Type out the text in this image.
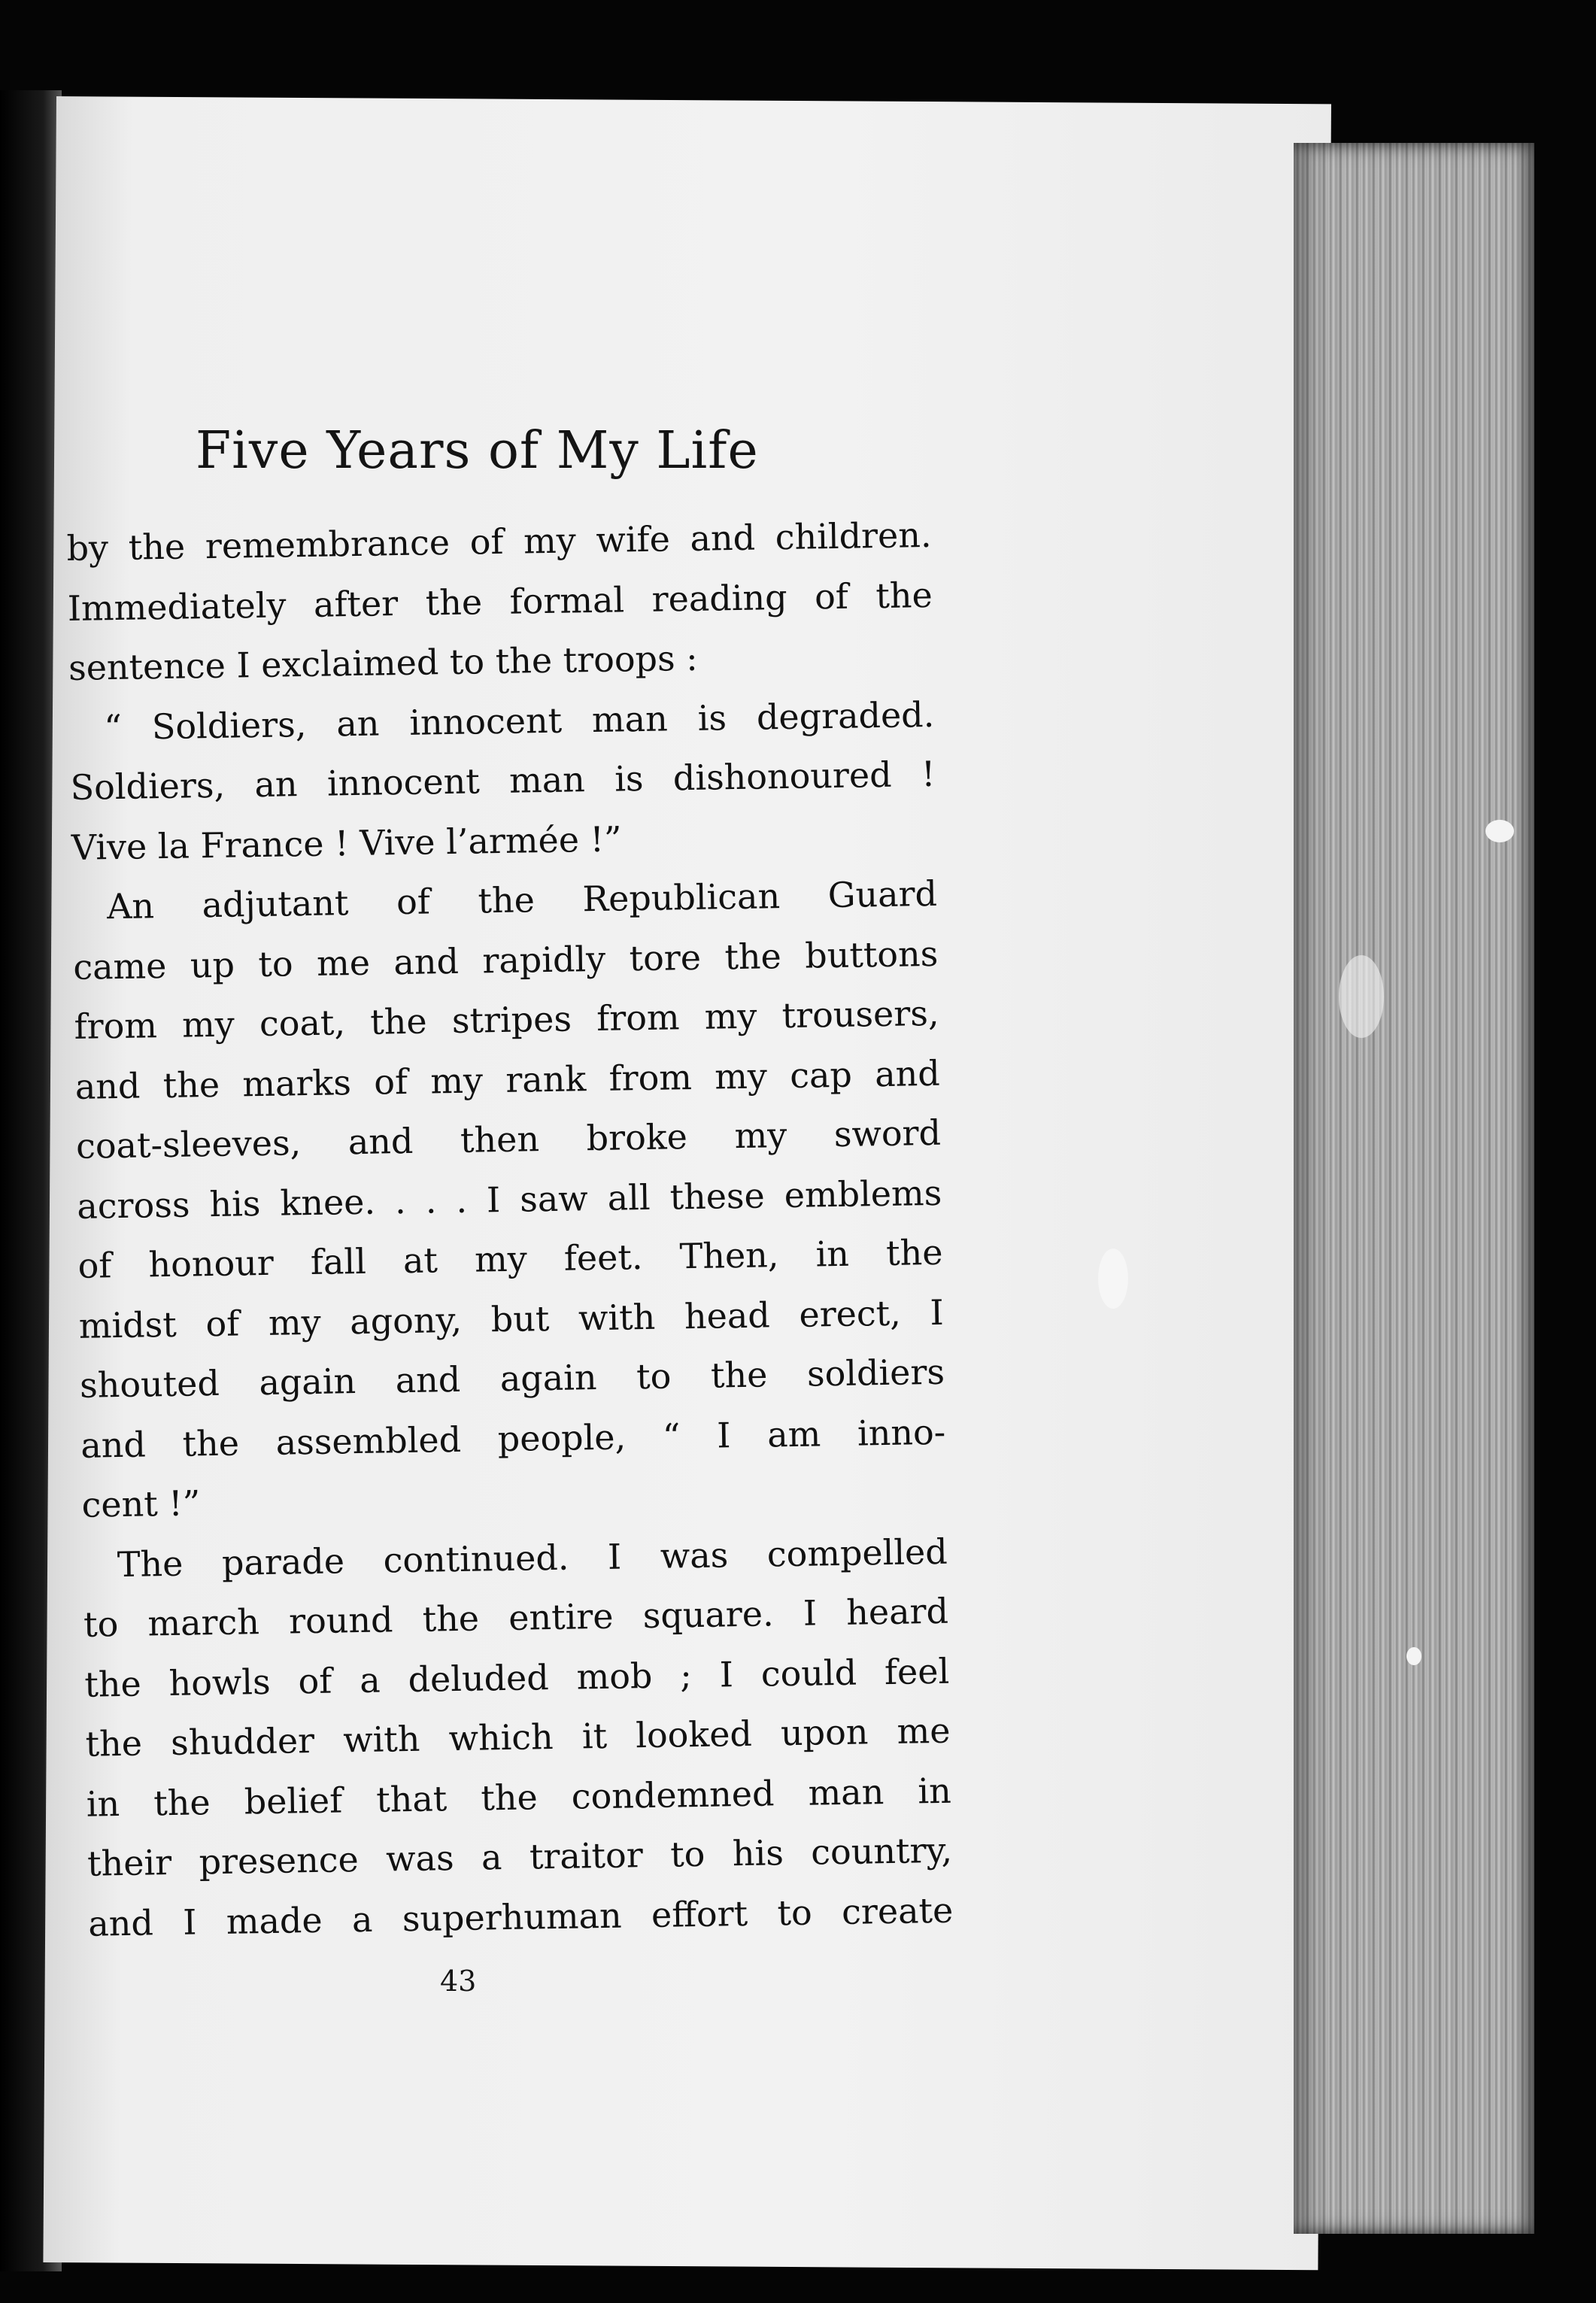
Five Years of My Life
by the remembrance of my wife and children.
Immediately after the formal reading of the
sentence I exclaimed to the troops :
“ Soldiers, an innocent man is degraded.
Soldiers, an innocent man is dishonoured !
Vive la France ! Vive l’armée !”
An adjutant of the Republican Guard
came up to me and rapidly tore the buttons
from my coat, the stripes from my trousers,
and the marks of my rank from my cap and
coat-sleeves, and then broke my sword
across his knee. . . . I saw all these emblems
of honour fall at my feet. Then, in the
midst of my agony, but with head erect, I
shouted again and again to the soldiers
and the assembled people, “ I am inno-
cent !”
The parade continued. I was compelled
to march round the entire square. I heard
the howls of a deluded mob ; I could feel
the shudder with which it looked upon me
in the belief that the condemned man in
their presence was a traitor to his country,
and I made a superhuman effort to create
43
